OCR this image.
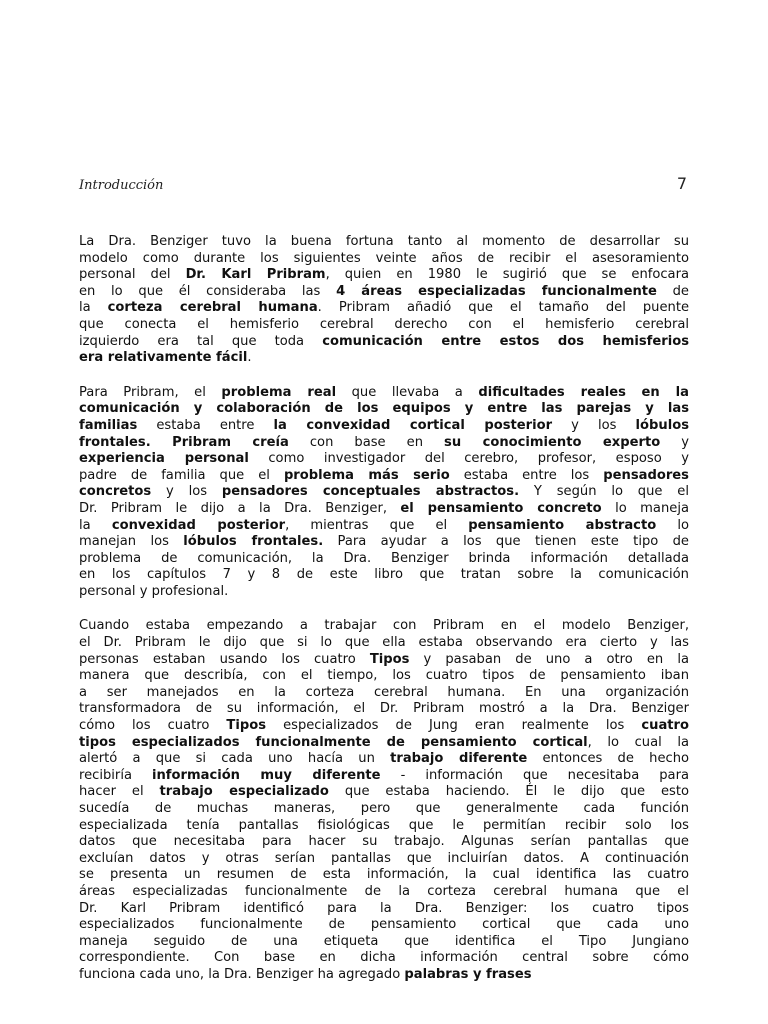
Introducción	7
La Dra. Benziger tuvo la buena fortuna tanto al momento de desarrollar su
modelo como durante los siguientes veinte años de recibir el asesoramiento
personal del Dr. Karl Pribram, quien en 1980 le sugirió que se enfocara
en lo que él consideraba las 4 áreas especializadas funcionalmente de
la corteza cerebral humana. Pribram añadió que el tamaño del puente
que conecta el hemisferio cerebral derecho con el hemisferio cerebral
izquierdo era tal que toda comunicación entre estos dos hemisferios
era relativamente fácil.
Para Pribram, el problema real que llevaba a dificultades reales en la
comunicación y colaboración de los equipos y entre las parejas y las
familias estaba entre la convexidad cortical posterior y los lóbulos
frontales. Pribram creía con base en su conocimiento experto y
experiencia personal como investigador del cerebro, profesor, esposo y
padre de familia que el problema más serio estaba entre los pensadores
concretos y los pensadores conceptuales abstractos. Y según lo que el
Dr. Pribram le dijo a la Dra. Benziger, el pensamiento concreto lo maneja
la convexidad posterior, mientras que el pensamiento abstracto lo
manejan los lóbulos frontales. Para ayudar a los que tienen este tipo de
problema de comunicación, la Dra. Benziger brinda información detallada
en los capítulos 7 y 8 de este libro que tratan sobre la comunicación
personal y profesional.
Cuando estaba empezando a trabajar con Pribram en el modelo Benziger,
el Dr. Pribram le dijo que si lo que ella estaba observando era cierto y las
personas estaban usando los cuatro Tipos y pasaban de uno a otro en la
manera que describía, con el tiempo, los cuatro tipos de pensamiento iban
a ser manejados en la corteza cerebral humana. En una organización
transformadora de su información, el Dr. Pribram mostró a la Dra. Benziger
cómo los cuatro Tipos especializados de Jung eran realmente los cuatro
tipos especializados funcionalmente de pensamiento cortical, lo cual la
alertó a que si cada uno hacía un trabajo diferente entonces de hecho
recibiría información muy diferente - información que necesitaba para
hacer el trabajo especializado que estaba haciendo. Él le dijo que esto
sucedía de muchas maneras, pero que generalmente cada función
especializada tenía pantallas fisiológicas que le permitían recibir solo los
datos que necesitaba para hacer su trabajo. Algunas serían pantallas que
excluían datos y otras serían pantallas que incluirían datos. A continuación
se presenta un resumen de esta información, la cual identifica las cuatro
áreas especializadas funcionalmente de la corteza cerebral humana que el
Dr. Karl Pribram identificó para la Dra. Benziger: los cuatro tipos
especializados funcionalmente de pensamiento cortical que cada uno
maneja seguido de una etiqueta que identifica el Tipo Jungiano
correspondiente. Con base en dicha información central sobre cómo
funciona cada uno, la Dra. Benziger ha agregado palabras y frases
